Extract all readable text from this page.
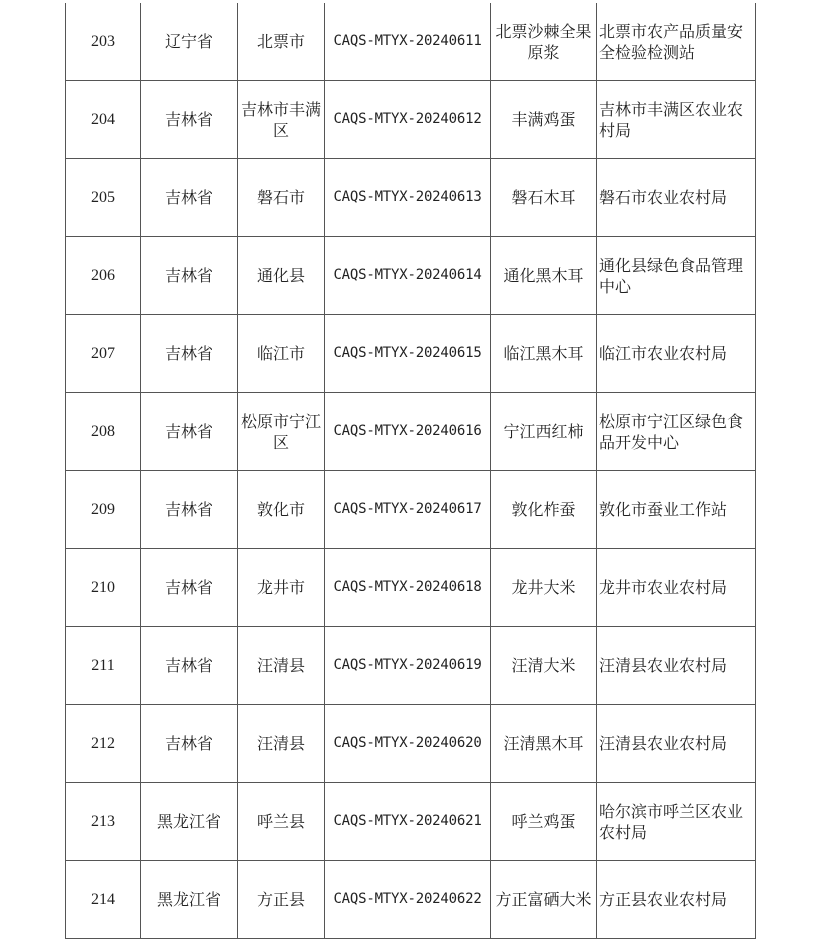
203	辽宁省	北票市	CAQS-MTYX-20240611	北票沙棘全果原浆	北票市农产品质量安全检验检测站
204	吉林省	吉林市丰满区	CAQS-MTYX-20240612	丰满鸡蛋	吉林市丰满区农业农村局
205	吉林省	磐石市	CAQS-MTYX-20240613	磐石木耳	磐石市农业农村局
206	吉林省	通化县	CAQS-MTYX-20240614	通化黑木耳	通化县绿色食品管理中心
207	吉林省	临江市	CAQS-MTYX-20240615	临江黑木耳	临江市农业农村局
208	吉林省	松原市宁江区	CAQS-MTYX-20240616	宁江西红柿	松原市宁江区绿色食品开发中心
209	吉林省	敦化市	CAQS-MTYX-20240617	敦化柞蚕	敦化市蚕业工作站
210	吉林省	龙井市	CAQS-MTYX-20240618	龙井大米	龙井市农业农村局
211	吉林省	汪清县	CAQS-MTYX-20240619	汪清大米	汪清县农业农村局
212	吉林省	汪清县	CAQS-MTYX-20240620	汪清黑木耳	汪清县农业农村局
213	黑龙江省	呼兰县	CAQS-MTYX-20240621	呼兰鸡蛋	哈尔滨市呼兰区农业农村局
214	黑龙江省	方正县	CAQS-MTYX-20240622	方正富硒大米	方正县农业农村局
